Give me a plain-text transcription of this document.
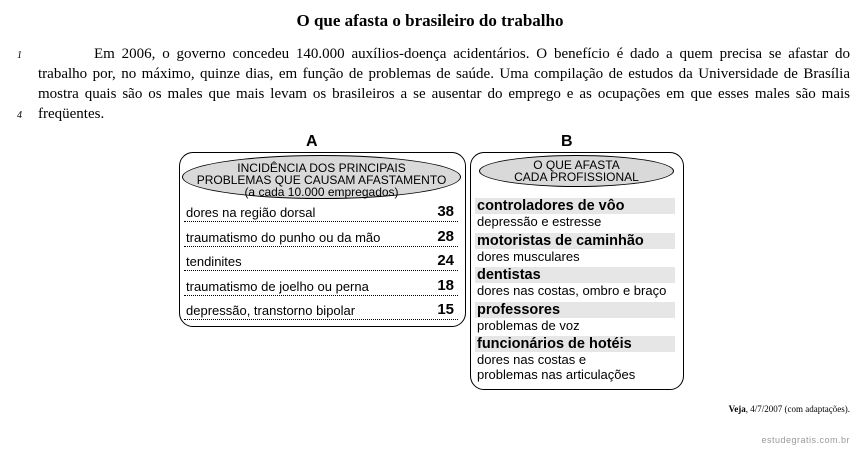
O que afasta o brasileiro do trabalho
1
4

Em 2006, o governo concedeu 140.000 auxílios-doença acidentários. O benefício é dado a quem precisa se afastar do trabalho por, no máximo, quinze dias, em função de problemas de saúde. Uma compilação de estudos da Universidade de Brasília mostra quais são os males que mais levam os brasileiros a se ausentar do emprego e as ocupações em que esses males são mais freqüentes.

A	B
INCIDÊNCIA DOS PRINCIPAIS
PROBLEMAS QUE CAUSAM AFASTAMENTO
(a cada 10.000 empregados)
dores na região dorsal	38
traumatismo do punho ou da mão	28
tendinites	24
traumatismo de joelho ou perna	18
depressão, transtorno bipolar	15
O QUE AFASTA
CADA PROFISSIONAL
controladores de vôo
depressão e estresse
motoristas de caminhão
dores musculares
dentistas
dores nas costas, ombro e braço
professores
problemas de voz
funcionários de hotéis
dores nas costas e
problemas nas articulações
Veja, 4/7/2007 (com adaptações).
estudegratis.com.br
